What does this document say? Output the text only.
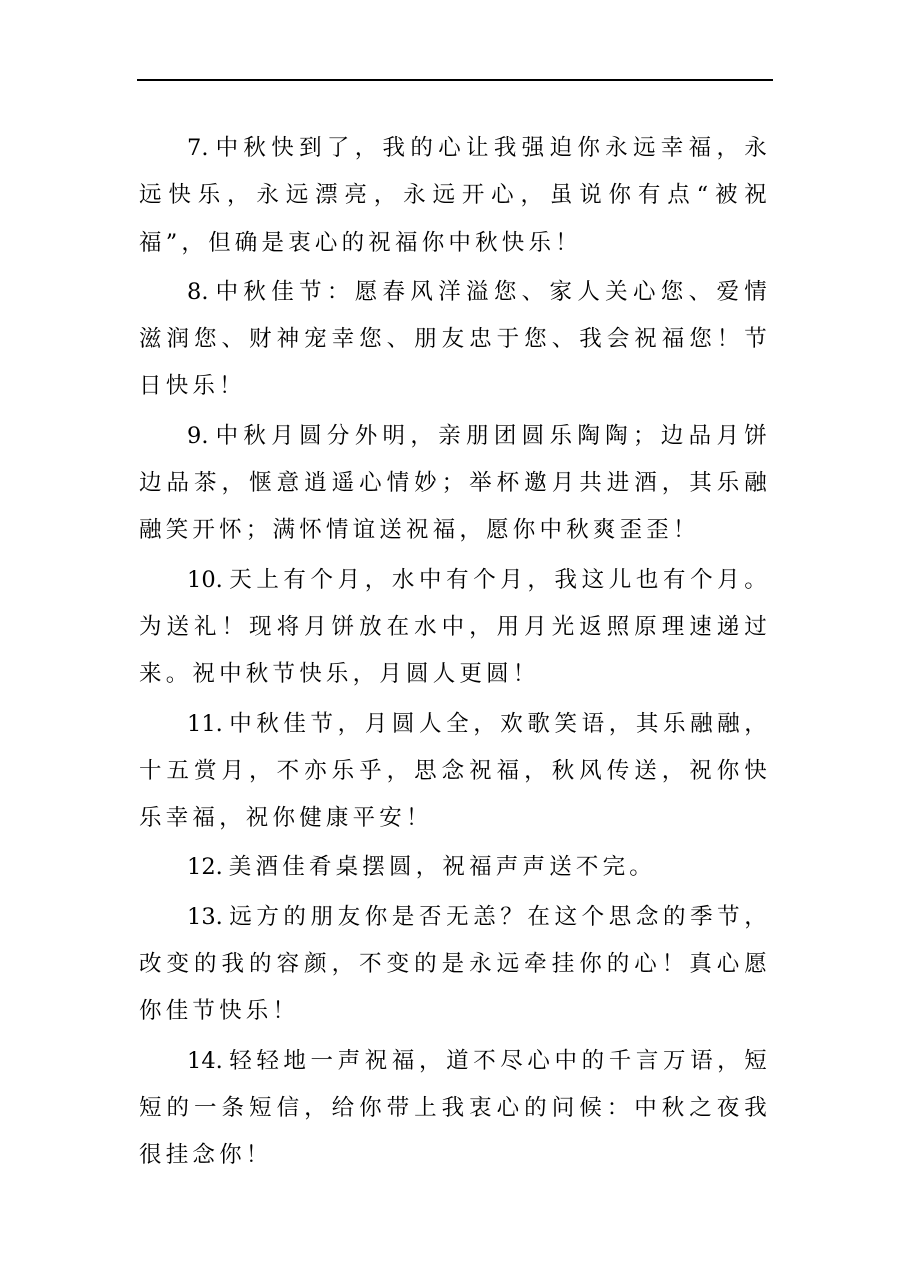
7. 中秋快到了，我的心让我强迫你永远幸福，永远快乐，永远漂亮，永远开心，虽说你有点“被祝福”，但确是衷心的祝福你中秋快乐！

8. 中秋佳节：愿春风洋溢您、家人关心您、爱情滋润您、财神宠幸您、朋友忠于您、我会祝福您！节日快乐！

9. 中秋月圆分外明，亲朋团圆乐陶陶；边品月饼边品茶，惬意逍遥心情妙；举杯邀月共进酒，其乐融融笑开怀；满怀情谊送祝福，愿你中秋爽歪歪！

10. 天上有个月，水中有个月，我这儿也有个月。为送礼！现将月饼放在水中，用月光返照原理速递过来。祝中秋节快乐，月圆人更圆！

11. 中秋佳节，月圆人全，欢歌笑语，其乐融融，十五赏月，不亦乐乎，思念祝福，秋风传送，祝你快乐幸福，祝你健康平安！

12. 美酒佳肴桌摆圆，祝福声声送不完。

13. 远方的朋友你是否无恙？在这个思念的季节，改变的我的容颜，不变的是永远牵挂你的心！真心愿你佳节快乐！

14. 轻轻地一声祝福，道不尽心中的千言万语，短短的一条短信，给你带上我衷心的问候：中秋之夜我很挂念你！
